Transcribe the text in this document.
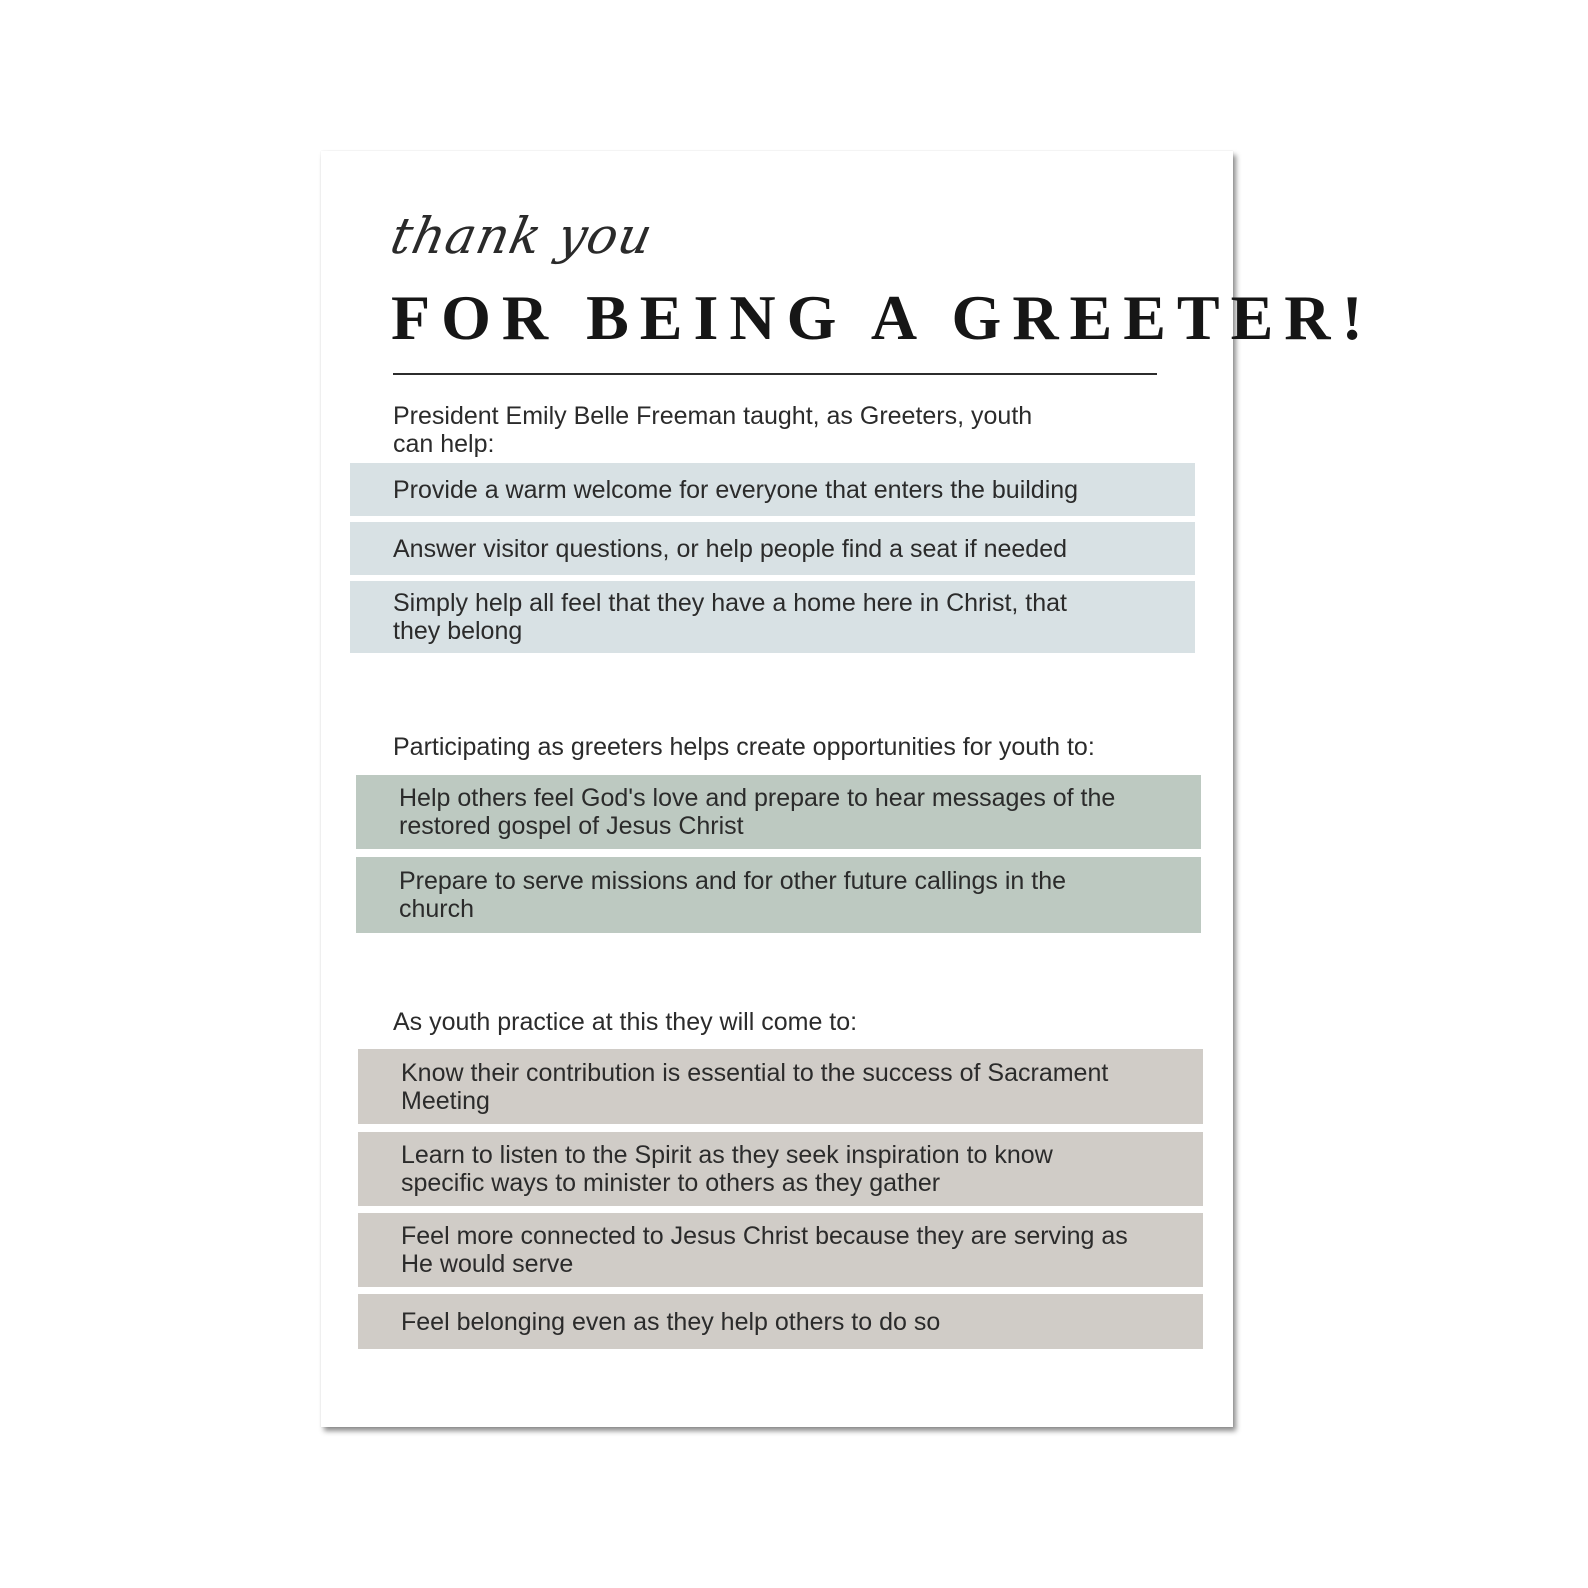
thank you
FOR BEING A GREETER!
President Emily Belle Freeman taught, as Greeters, youth can help:
Provide a warm welcome for everyone that enters the building
Answer visitor questions, or help people find a seat if needed
Simply help all feel that they have a home here in Christ, that they belong
Participating as greeters helps create opportunities for youth to:
Help others feel God's love and prepare to hear messages of the restored gospel of Jesus Christ
Prepare to serve missions and for other future callings in the church
As youth practice at this they will come to:
Know their contribution is essential to the success of Sacrament Meeting
Learn to listen to the Spirit as they seek inspiration to know specific ways to minister to others as they gather
Feel more connected to Jesus Christ because they are serving as He would serve
Feel belonging even as they help others to do so
